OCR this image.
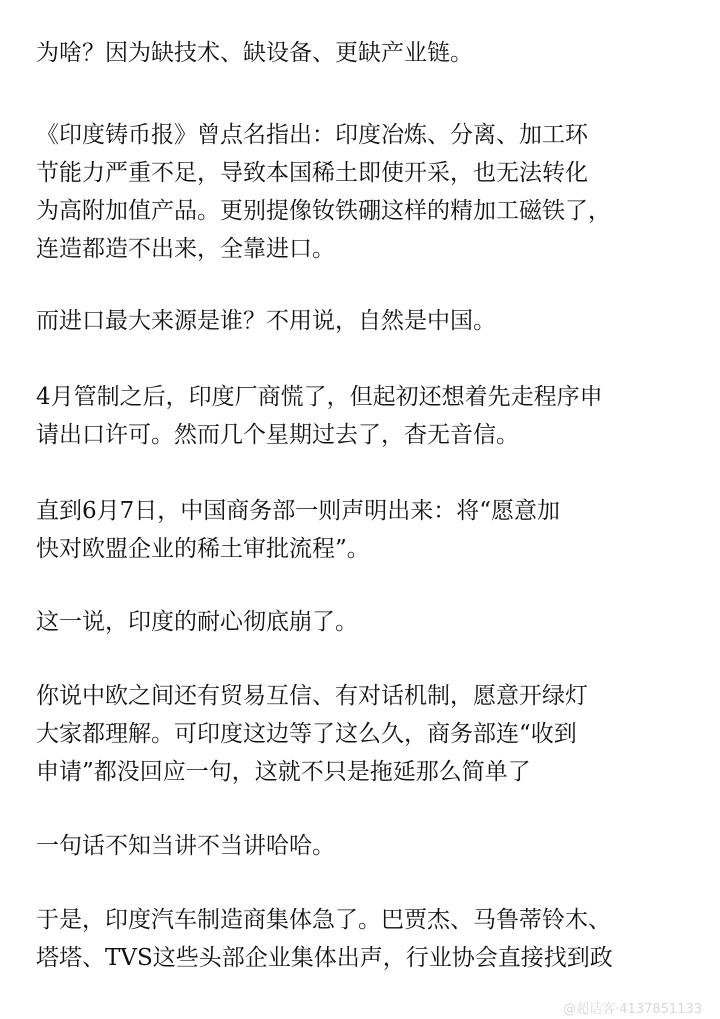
为啥？因为缺技术、缺设备、更缺产业链。
《印度铸币报》曾点名指出：印度冶炼、分离、加工环
节能力严重不足，导致本国稀土即使开采，也无法转化
为高附加值产品。更别提像钕铁硼这样的精加工磁铁了，
连造都造不出来，全靠进口。
而进口最大来源是谁？不用说，自然是中国。
4月管制之后，印度厂商慌了，但起初还想着先走程序申
请出口许可。然而几个星期过去了，杳无音信。
直到6月7日，中国商务部一则声明出来：将“愿意加
快对欧盟企业的稀土审批流程”。
这一说，印度的耐心彻底崩了。
你说中欧之间还有贸易互信、有对话机制，愿意开绿灯
大家都理解。可印度这边等了这么久，商务部连“收到
申请”都没回应一句，这就不只是拖延那么简单了
一句话不知当讲不当讲哈哈。
于是，印度汽车制造商集体急了。巴贾杰、马鲁蒂铃木、
塔塔、TVS这些头部企业集体出声，行业协会直接找到政
@超话客·4137851133
